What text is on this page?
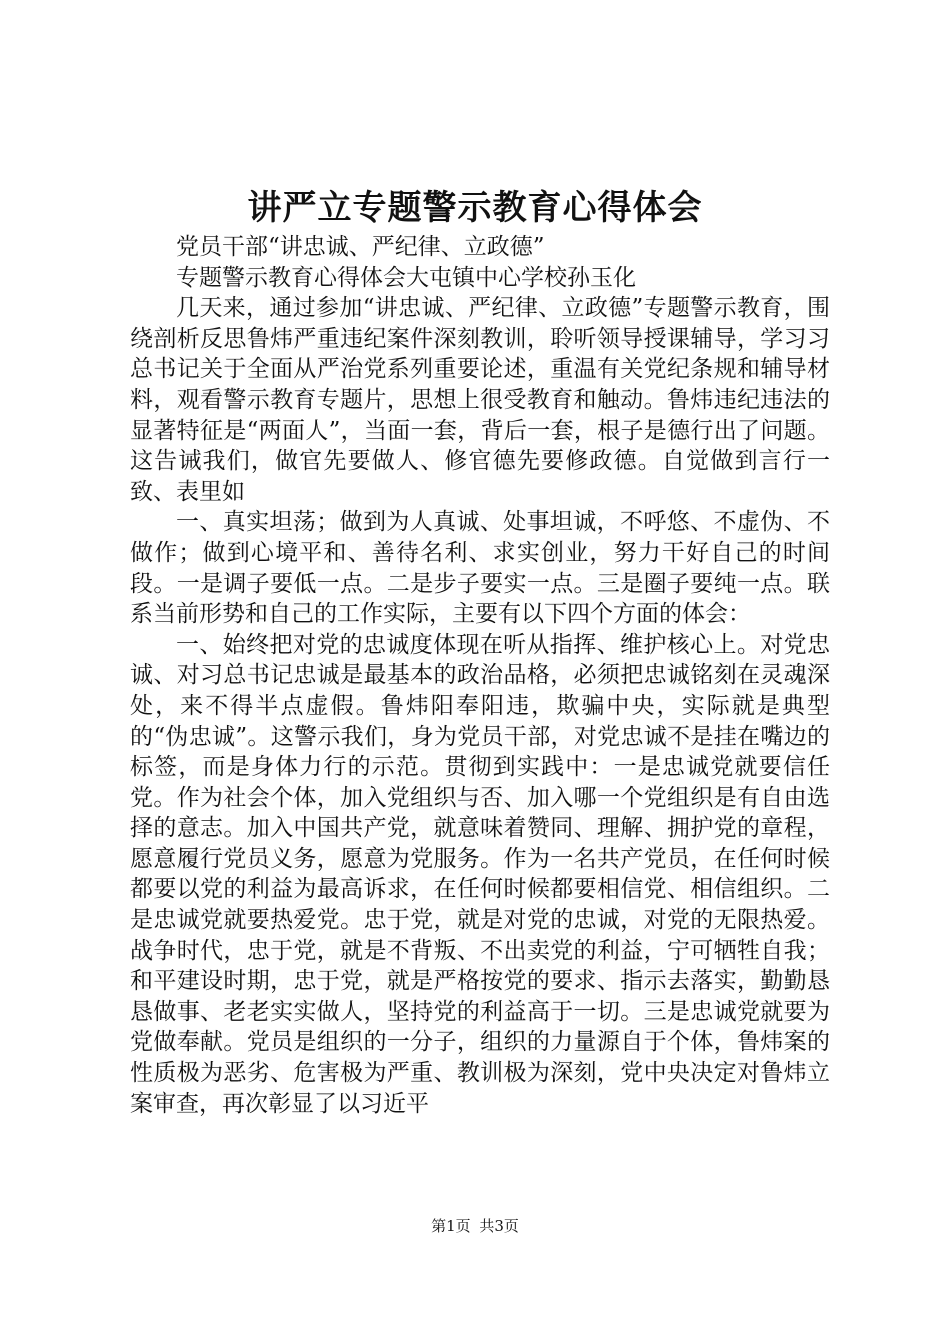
讲严立专题警示教育心得体会

党员干部“讲忠诚、严纪律、立政德”

专题警示教育心得体会大屯镇中心学校孙玉化

几天来，通过参加“讲忠诚、严纪律、立政德”专题警示教育，围绕剖析反思鲁炜严重违纪案件深刻教训，聆听领导授课辅导，学习习总书记关于全面从严治党系列重要论述，重温有关党纪条规和辅导材料，观看警示教育专题片，思想上很受教育和触动。鲁炜违纪违法的显著特征是“两面人”，当面一套，背后一套，根子是德行出了问题。这告诫我们，做官先要做人、修官德先要修政德。自觉做到言行一致、表里如

一、真实坦荡；做到为人真诚、处事坦诚，不呼悠、不虚伪、不做作；做到心境平和、善待名利、求实创业，努力干好自己的时间段。一是调子要低一点。二是步子要实一点。三是圈子要纯一点。联系当前形势和自己的工作实际，主要有以下四个方面的体会：

一、始终把对党的忠诚度体现在听从指挥、维护核心上。对党忠诚、对习总书记忠诚是最基本的政治品格，必须把忠诚铭刻在灵魂深处，来不得半点虚假。鲁炜阳奉阳违，欺骗中央，实际就是典型的“伪忠诚”。这警示我们，身为党员干部，对党忠诚不是挂在嘴边的标签，而是身体力行的示范。贯彻到实践中：一是忠诚党就要信任党。作为社会个体，加入党组织与否、加入哪一个党组织是有自由选择的意志。加入中国共产党，就意味着赞同、理解、拥护党的章程，愿意履行党员义务，愿意为党服务。作为一名共产党员，在任何时候都要以党的利益为最高诉求，在任何时候都要相信党、相信组织。二是忠诚党就要热爱党。忠于党，就是对党的忠诚，对党的无限热爱。战争时代，忠于党，就是不背叛、不出卖党的利益，宁可牺牲自我；和平建设时期，忠于党，就是严格按党的要求、指示去落实，勤勤恳恳做事、老老实实做人，坚持党的利益高于一切。三是忠诚党就要为党做奉献。党员是组织的一分子，组织的力量源自于个体，鲁炜案的性质极为恶劣、危害极为严重、教训极为深刻，党中央决定对鲁炜立案审查，再次彰显了以习近平

第1页 共3页
